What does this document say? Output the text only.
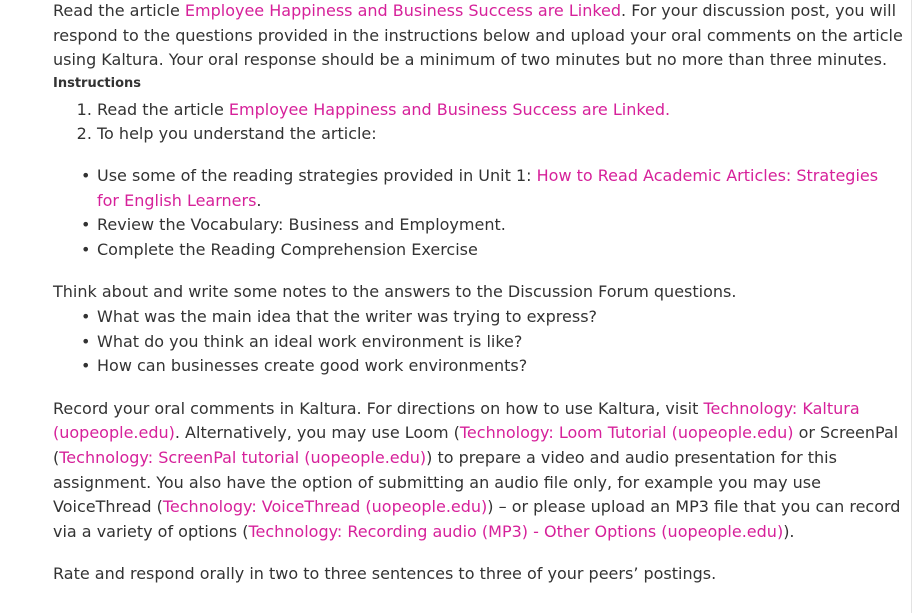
Read the article Employee Happiness and Business Success are Linked. For your discussion post, you will respond to the questions provided in the instructions below and upload your oral comments on the article using Kaltura. Your oral response should be a minimum of two minutes but no more than three minutes.

Instructions
1. Read the article Employee Happiness and Business Success are Linked.
2. To help you understand the article:
• Use some of the reading strategies provided in Unit 1: How to Read Academic Articles: Strategies for English Learners.
• Review the Vocabulary: Business and Employment.
• Complete the Reading Comprehension Exercise

Think about and write some notes to the answers to the Discussion Forum questions.

• What was the main idea that the writer was trying to express?
• What do you think an ideal work environment is like?
• How can businesses create good work environments?

Record your oral comments in Kaltura. For directions on how to use Kaltura, visit Technology: Kaltura (uopeople.edu). Alternatively, you may use Loom (Technology: Loom Tutorial (uopeople.edu) or ScreenPal (Technology: ScreenPal tutorial (uopeople.edu)) to prepare a video and audio presentation for this assignment. You also have the option of submitting an audio file only, for example you may use VoiceThread (Technology: VoiceThread (uopeople.edu)) – or please upload an MP3 file that you can record via a variety of options (Technology: Recording audio (MP3) - Other Options (uopeople.edu)).

Rate and respond orally in two to three sentences to three of your peers’ postings.
